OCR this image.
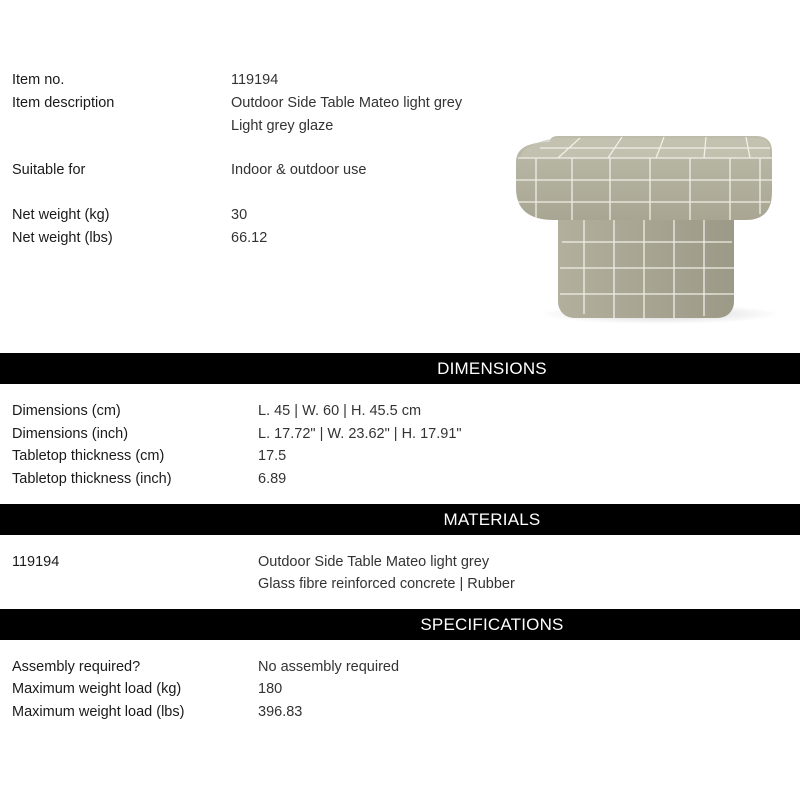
Item no.	119194
Item description	Outdoor Side Table Mateo light grey
Light grey glaze
Suitable for	Indoor & outdoor use
Net weight (kg)	30
Net weight (lbs)	66.12
DIMENSIONS
Dimensions (cm)	L. 45 | W. 60 | H. 45.5 cm
Dimensions (inch)	L. 17.72" | W. 23.62" | H. 17.91"
Tabletop thickness (cm)	17.5
Tabletop thickness (inch)	6.89
MATERIALS
119194	Outdoor Side Table Mateo light grey
Glass fibre reinforced concrete | Rubber
SPECIFICATIONS
Assembly required?	No assembly required
Maximum weight load (kg)	180
Maximum weight load (lbs)	396.83
